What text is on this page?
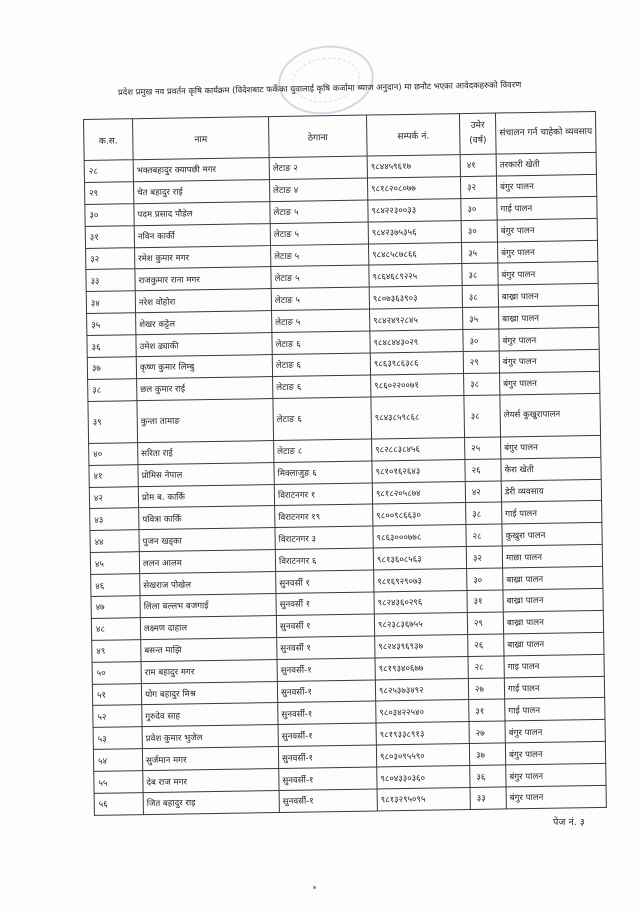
प्रदेश प्रमुख नव प्रवर्तन कृषि कार्यक्रम (विदेशबाट फर्केका युवालाई कृषि कर्जामा ब्याज अनुदान) मा छनौट भएका आवेदकहरुको विवरण
क.स.	नाम	ठेगाना	सम्पर्क नं.	उमेर (वर्ष)	संचालन गर्न चाहेको व्यवसाय
२८	भक्तबहादुर क्यापछी मगर	लेटाङ २	९८४४५९६१७	४१	तरकारी खेती
२९	चेत बहादुर राई	लेटाङ ४	९८१८२०८०७७	३२	बंगुर पालन
३०	पदम प्रसाद पौडेल	लेटाङ ५	९८४२२३००३३	३०	गाई पालन
३१	नविन कार्की	लेटाङ ५	९८४२३७५३५६	३०	बंगुर पालन
३२	रमेश कुमार मगर	लेटाङ ५	९८४८५८७८६६	३५	बंगुर पालन
३३	राजकुमार राना मगर	लेटाङ ५	९८६४६८९२२५	३८	बंगुर पालन
३४	नरेश वोहोरा	लेटाङ ५	९८०७३६३९०३	३८	बाख्रा पालन
३५	शेखर कट्टेल	लेटाङ ५	९८४२४९२८४५	३५	बाख्रा पालन
३६	उमेश ढ्याकी	लेटाङ ६	९८४८४४३०२९	३०	बंगुर पालन
३७	कृष्ण कुमार लिम्बु	लेटाङ ६	९८६३९८६३८६	२९	बंगुर पालन
३८	छल कुमार राई	लेटाङ ६	९८६०२२००७१	३८	बंगुर पालन
३९	कुन्ता तामाङ	लेटाङ ६	९८४३८५९८६८	३८	लेयर्स कुखुरापालन
४०	सरिता राई	लेटाङ ८	९८२८८३८४५६	२५	बंगुर पालन
४१	प्रोमिस नेपाल	मिक्लाजुङ ६	९८१०१६२६४३	२६	केरा खेती
४२	प्रोम ब. कार्कि	विराटनगर १	९८१८२०५८७४	४२	डेरी व्यवसाय
४३	पवित्रा कार्कि	विराटनगर १९	९८००९८६६३०	३८	गाई पालन
४४	पुजन खड्का	विराटनगर ३	९८६३०००७७८	२८	कुखुरा पालन
४५	ललन आलम	विराटनगर ६	९८१३६०८५६३	३२	माछा पालन
४६	सेखराज पोखेल	सुनवर्सी १	९८१६९२९०७३	३०	बाख्रा पालन
४७	लिला बल्लभ बजगाई	सुनवर्सी १	९८२४३६०२९६	३१	बाख्रा पालन
४८	लक्ष्मण दाहाल	सुनवर्सी १	९८२३८३६७५५	२९	बाख्रा पालन
४९	बसन्त माझि	सुनवर्सी १	९८२४३९६९३७	२६	बाख्रा पालन
५०	राम बहादुर मगर	सुनवर्सी-१	९८१९३४०६७७	२८	गाइ पालन
५१	योग बहादुर मिश्र	सुनवर्सी-१	९८२५३७३४९२	२७	गाई पालन
५२	गुरुदेव साह	सुनवर्सी-१	९८०३४२२५४०	३१	गाई पालन
५३	प्रवेश कुमार भुजेल	सुनवर्सी-१	९८१९३३८९१३	२७	बंगुर पालन
५४	सुर्जमान मगर	सुनवर्सी-१	९८०३०९५५९०	३७	बंगुर पालन
५५	देब राज मगर	सुनवर्सी-१	९८०४३३०३६०	३६	बंगुर पालन
५६	जित बहादुर राइ	सुनवर्सी-१	९८१३२९५०९५	३३	बंगुर पालन
पेज नं. ३
